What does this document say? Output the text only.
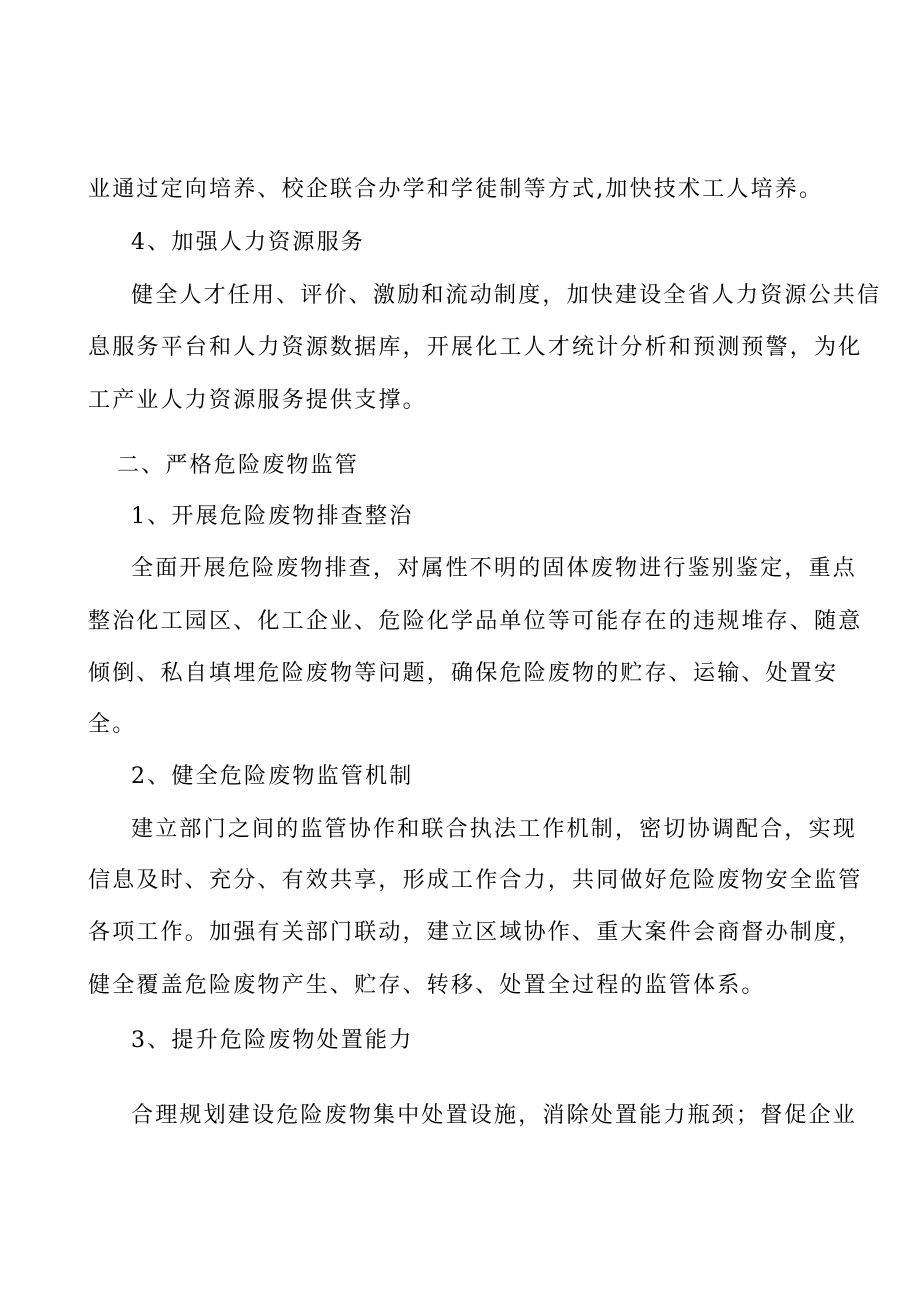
业通过定向培养、校企联合办学和学徒制等方式,加快技术工人培养。
4、加强人力资源服务
健全人才任用、评价、激励和流动制度，加快建设全省人力资源公共信
息服务平台和人力资源数据库，开展化工人才统计分析和预测预警，为化
工产业人力资源服务提供支撑。
二、严格危险废物监管
1、开展危险废物排查整治
全面开展危险废物排查，对属性不明的固体废物进行鉴别鉴定，重点
整治化工园区、化工企业、危险化学品单位等可能存在的违规堆存、随意
倾倒、私自填埋危险废物等问题，确保危险废物的贮存、运输、处置安
全。
2、健全危险废物监管机制
建立部门之间的监管协作和联合执法工作机制，密切协调配合，实现
信息及时、充分、有效共享，形成工作合力，共同做好危险废物安全监管
各项工作。加强有关部门联动，建立区域协作、重大案件会商督办制度，
健全覆盖危险废物产生、贮存、转移、处置全过程的监管体系。
3、提升危险废物处置能力
合理规划建设危险废物集中处置设施，消除处置能力瓶颈；督促企业
